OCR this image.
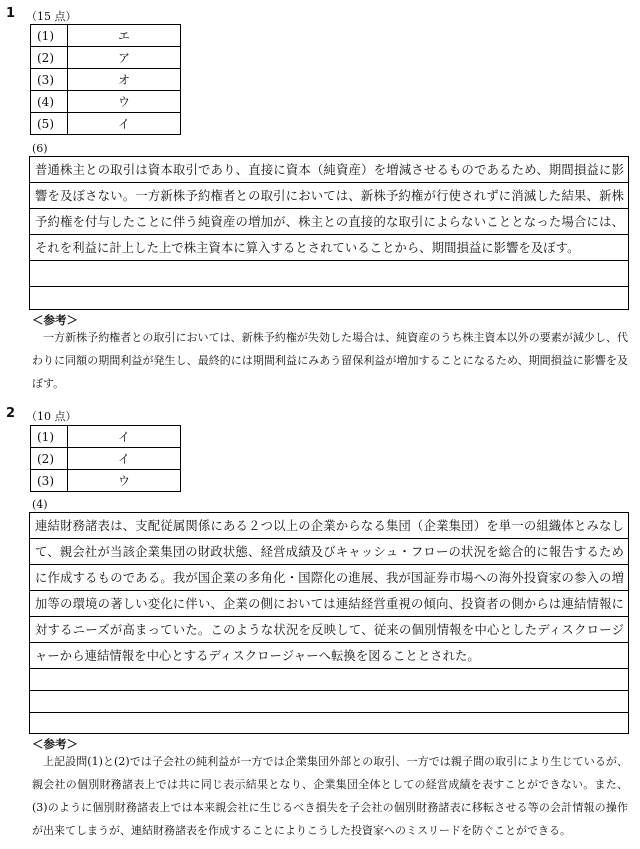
1 （15 点）
(1)	エ
(2)	ア
(3)	オ
(4)	ウ
(5)	イ
(6)
普通株主との取引は資本取引であり、直接に資本（純資産）を増減させるものであるため、期間損益に影響を及ぼさない。一方新株予約権者との取引においては、新株予約権が行使されずに消滅した結果、新株予約権を付与したことに伴う純資産の増加が、株主との直接的な取引によらないこととなった場合には、それを利益に計上した上で株主資本に算入するとされていることから、期間損益に影響を及ぼす。
＜参考＞
一方新株予約権者との取引においては、新株予約権が失効した場合は、純資産のうち株主資本以外の要素が減少し、代わりに同額の期間利益が発生し、最終的には期間利益にみあう留保利益が増加することになるため、期間損益に影響を及ぼす。
2 （10 点）
(1)	イ
(2)	イ
(3)	ウ
(4)
連結財務諸表は、支配従属関係にある２つ以上の企業からなる集団（企業集団）を単一の組織体とみなして、親会社が当該企業集団の財政状態、経営成績及びキャッシュ・フローの状況を総合的に報告するために作成するものである。我が国企業の多角化・国際化の進展、我が国証券市場への海外投資家の参入の増加等の環境の著しい変化に伴い、企業の側においては連結経営重視の傾向、投資者の側からは連結情報に対するニーズが高まっていた。このような状況を反映して、従来の個別情報を中心としたディスクロージャーから連結情報を中心とするディスクロージャーへ転換を図ることとされた。
＜参考＞
上記設問(1)と(2)では子会社の純利益が一方では企業集団外部との取引、一方では親子間の取引により生じているが、親会社の個別財務諸表上では共に同じ表示結果となり、企業集団全体としての経営成績を表すことができない。また、(3)のように個別財務諸表上では本来親会社に生じるべき損失を子会社の個別財務諸表に移転させる等の会計情報の操作が出来てしまうが、連結財務諸表を作成することによりこうした投資家へのミスリードを防ぐことができる。
